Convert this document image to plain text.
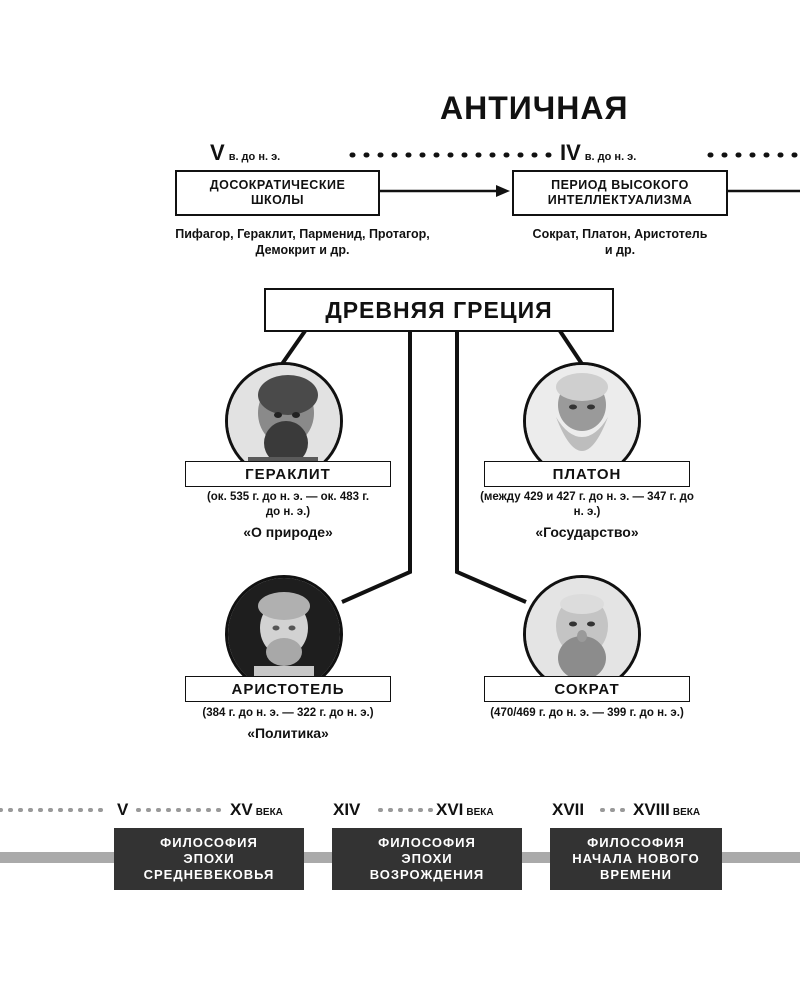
АНТИЧНАЯ
Vв. до н. э.	IV в. до н. э.
ДОСОКРАТИЧЕСКИЕ ШКОЛЫ
Пифагор, Гераклит, Парменид, Протагор, Демокрит и др.
ПЕРИОД ВЫСОКОГО ИНТЕЛЛЕКТУАЛИЗМА
Сократ, Платон, Аристотель и др.
ДРЕВНЯЯ ГРЕЦИЯ
ГЕРАКЛИТ
(ок. 535 г. до н. э. — ок. 483 г. до н. э.)
«О природе»
ПЛАТОН
(между 429 и 427 г. до н. э. — 347 г. до н. э.)
«Государство»
АРИСТОТЕЛЬ
(384 г. до н. э. — 322 г. до н. э.)
«Политика»
СОКРАТ
(470/469 г. до н. э. — 399 г. до н. э.)
V	XV ВЕКА	XIV	XVI ВЕКА	XVII	XVIII ВЕКА
ФИЛОСОФИЯ ЭПОХИ СРЕДНЕВЕКОВЬЯ
ФИЛОСОФИЯ ЭПОХИ ВОЗРОЖДЕНИЯ
ФИЛОСОФИЯ НАЧАЛА НОВОГО ВРЕМЕНИ
